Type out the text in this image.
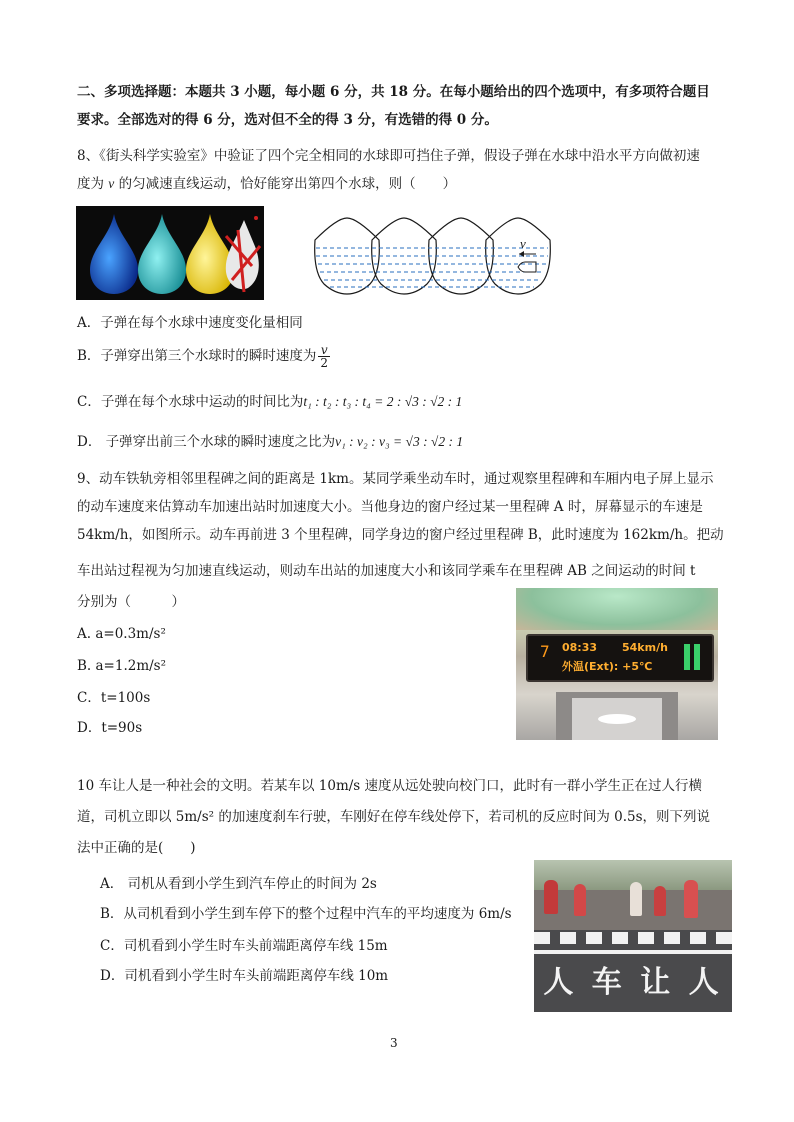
二、多项选择题：本题共 3 小题，每小题 6 分，共 18 分。在每小题给出的四个选项中，有多项符合题目
要求。全部选对的得 6 分，选对但不全的得 3 分，有选错的得 0 分。
8、《街头科学实验室》中验证了四个完全相同的水球即可挡住子弹，假设子弹在水球中沿水平方向做初速
度为 v 的匀减速直线运动，恰好能穿出第四个水球，则（　　）
v
A．子弹在每个水球中速度变化量相同
B．子弹穿出第三个水球时的瞬时速度为 $\frac{v}{2}$
C．子弹在每个水球中运动的时间比为t₁ : t₂ : t₃ : t₄ = 2 : √3 : √2 : 1
D． 子弹穿出前三个水球的瞬时速度之比为v₁ : v₂ : v₃ = √3 : √2 : 1
9、动车铁轨旁相邻里程碑之间的距离是 1km。某同学乘坐动车时，通过观察里程碑和车厢内电子屏上显示
的动车速度来估算动车加速出站时加速度大小。当他身边的窗户经过某一里程碑 A 时，屏幕显示的车速是
54km/h，如图所示。动车再前进 3 个里程碑，同学身边的窗户经过里程碑 B，此时速度为 162km/h。把动
车出站过程视为匀加速直线运动，则动车出站的加速度大小和该同学乘车在里程碑 AB 之间运动的时间 t
分别为（　　　）
A. a=0.3m/s²
B. a=1.2m/s²
C．t=100s
D．t=90s
7 08:33 54km/h
外温(Ext): +5℃
10 车让人是一种社会的文明。若某车以 10m/s 速度从远处驶向校门口，此时有一群小学生正在过人行横
道，司机立即以 5m/s² 的加速度刹车行驶，车刚好在停车线处停下，若司机的反应时间为 0.5s，则下列说
法中正确的是(　　)
A． 司机从看到小学生到汽车停止的时间为 2s
B．从司机看到小学生到车停下的整个过程中汽车的平均速度为 6m/s
C．司机看到小学生时车头前端距离停车线 15m
D．司机看到小学生时车头前端距离停车线 10m	人 车 让 人
3
